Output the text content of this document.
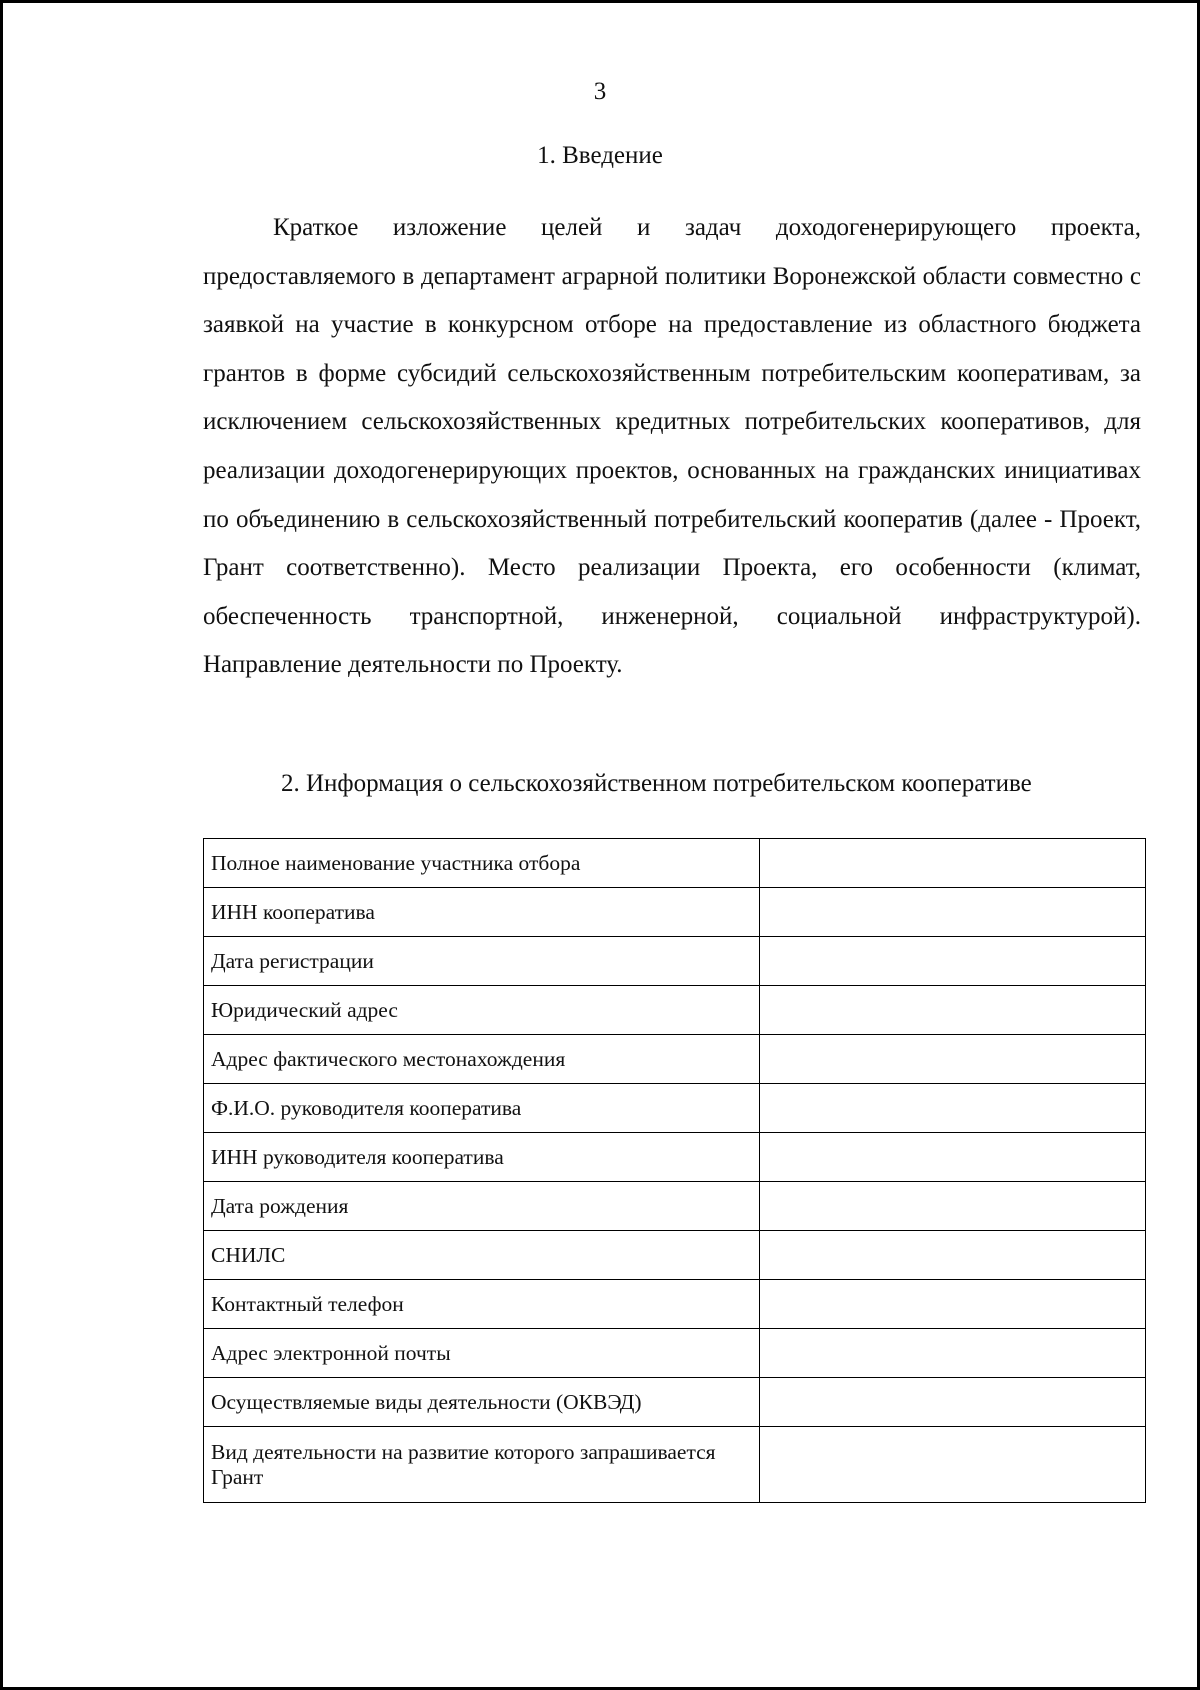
3
1. Введение

Краткое изложение целей и задач доходогенерирующего проекта, предоставляемого в департамент аграрной политики Воронежской области совместно с заявкой на участие в конкурсном отборе на предоставление из областного бюджета грантов в форме субсидий сельскохозяйственным потребительским кооперативам, за исключением сельскохозяйственных кредитных потребительских кооперативов, для реализации доходогенерирующих проектов, основанных на гражданских инициативах по объединению в сельскохозяйственный потребительский кооператив (далее - Проект, Грант соответственно). Место реализации Проекта, его особенности (климат, обеспеченность транспортной, инженерной, социальной инфраструктурой). Направление деятельности по Проекту.

2. Информация о сельскохозяйственном потребительском кооперативе
Полное наименование участника отбора	
ИНН кооператива	
Дата регистрации	
Юридический адрес	
Адрес фактического местонахождения	
Ф.И.О. руководителя кооператива	
ИНН руководителя кооператива	
Дата рождения	
СНИЛС	
Контактный телефон	
Адрес электронной почты	
Осуществляемые виды деятельности (ОКВЭД)	
Вид деятельности на развитие которого запрашивается Грант	
